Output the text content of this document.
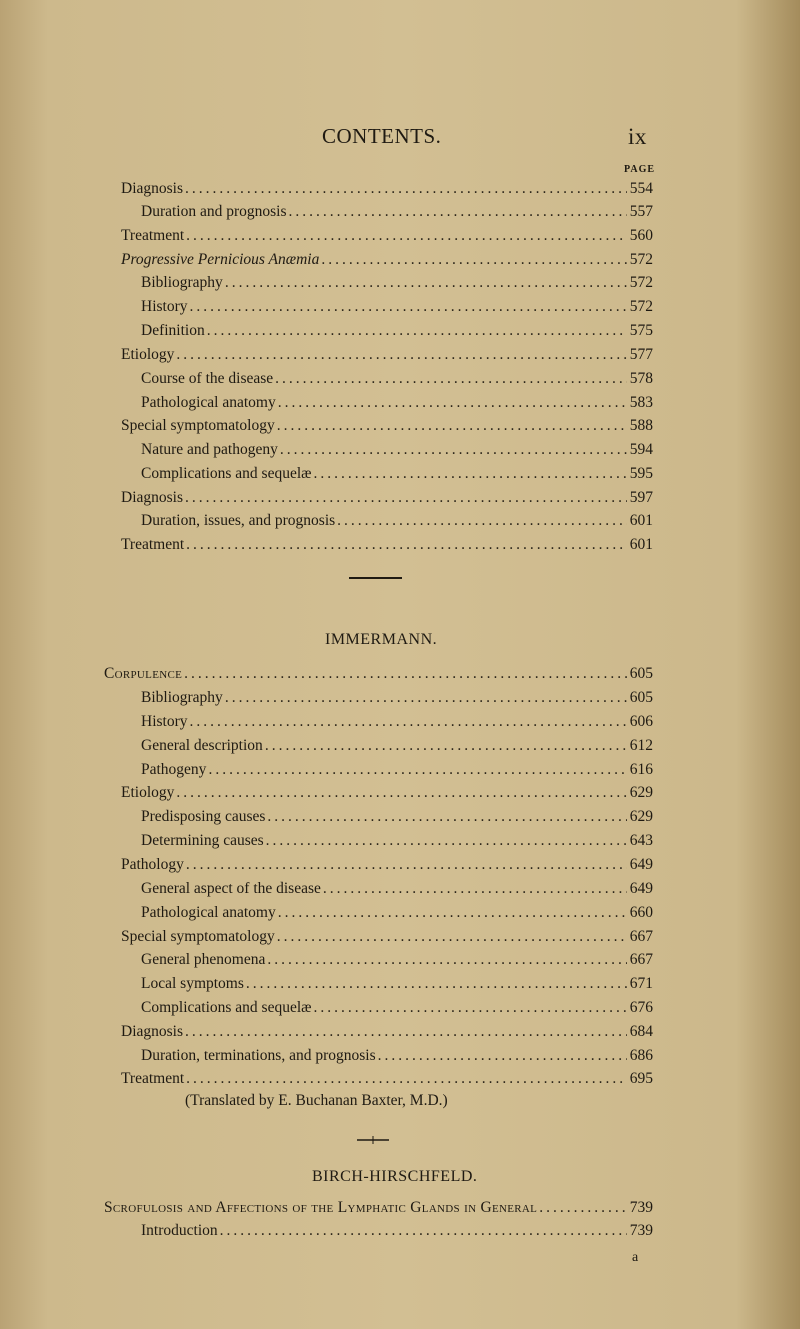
CONTENTS.	ix
PAGE
Diagnosis .....	554
Duration and prognosis .....	557
Treatment .....	560
Progressive Pernicious Anæmia .....	572
Bibliography .....	572
History .....	572
Definition .....	575
Etiology .....	577
Course of the disease .....	578
Pathological anatomy .....	583
Special symptomatology .....	588
Nature and pathogeny .....	594
Complications and sequelæ .....	595
Diagnosis .....	597
Duration, issues, and prognosis .....	601
Treatment .....	601
IMMERMANN.
Corpulence .....	605
Bibliography .....	605
History .....	606
General description .....	612
Pathogeny .....	616
Etiology .....	629
Predisposing causes .....	629
Determining causes .....	643
Pathology .....	649
General aspect of the disease .....	649
Pathological anatomy .....	660
Special symptomatology .....	667
General phenomena .....	667
Local symptoms .....	671
Complications and sequelæ .....	676
Diagnosis .....	684
Duration, terminations, and prognosis .....	686
Treatment .....	695
(Translated by E. Buchanan Baxter, M.D.)
BIRCH-HIRSCHFELD.
Scrofulosis and Affections of the Lymphatic Glands in General .....	739
Introduction .....	739
a
